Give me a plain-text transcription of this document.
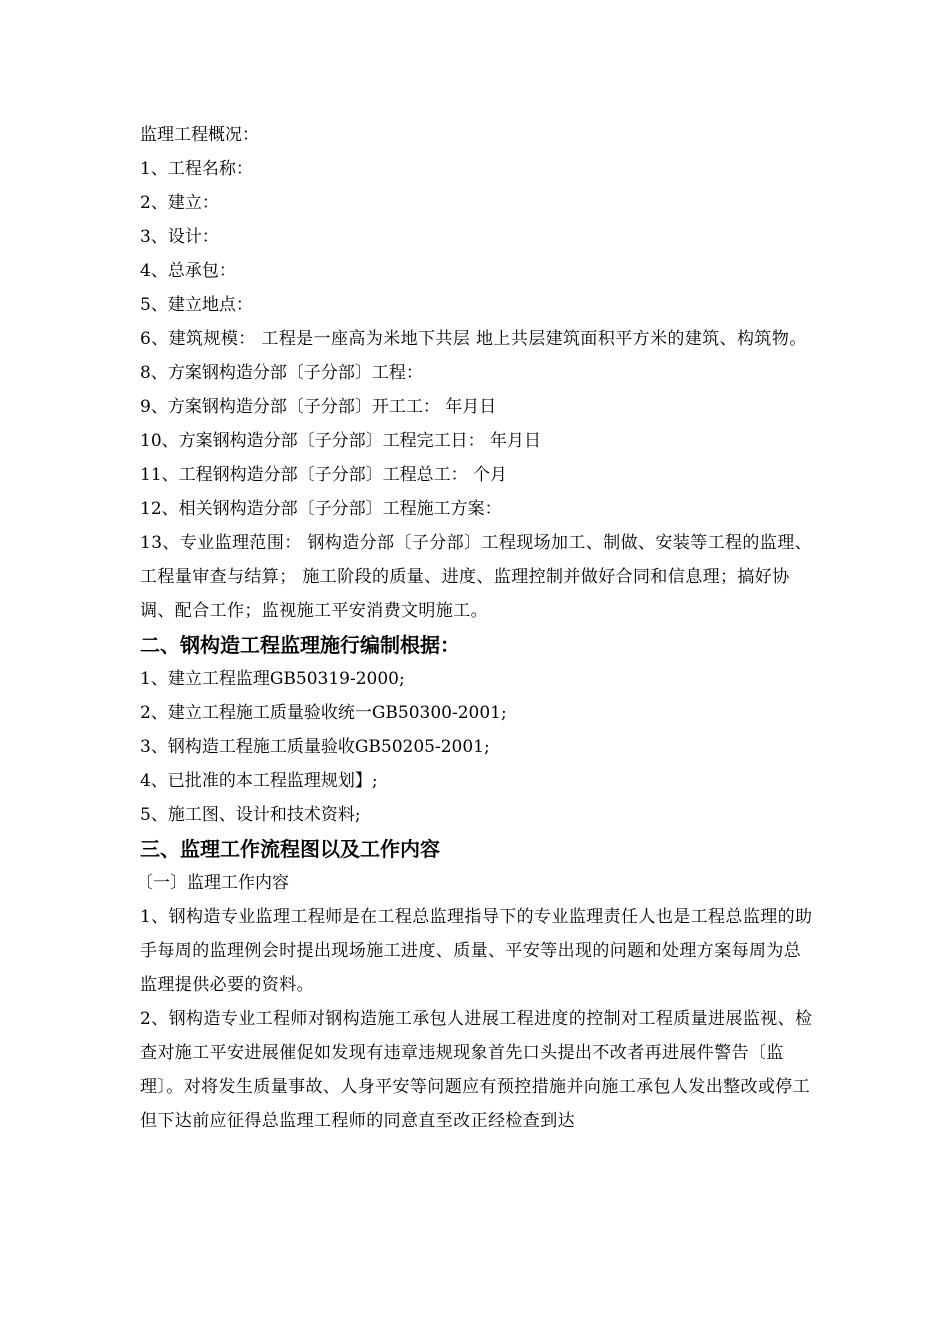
监理工程概况：
1、工程名称：
2、建立：
3、设计：
4、总承包：
5、建立地点：
6、建筑规模： 工程是一座高为米地下共层 地上共层建筑面积平方米的建筑、构筑物。
8、方案钢构造分部〔子分部〕工程：
9、方案钢构造分部〔子分部〕开工工： 年月日
10、方案钢构造分部〔子分部〕工程完工日： 年月日
11、工程钢构造分部〔子分部〕工程总工： 个月
12、相关钢构造分部〔子分部〕工程施工方案：
13、专业监理范围： 钢构造分部〔子分部〕工程现场加工、制做、安装等工程的监理、工程量审查与结算； 施工阶段的质量、进度、监理控制并做好合同和信息理；搞好协调、配合工作；监视施工平安消费文明施工。
二、钢构造工程监理施行编制根据：
1、建立工程监理GB50319-2000;
2、建立工程施工质量验收统一GB50300-2001;
3、钢构造工程施工质量验收GB50205-2001;
4、已批准的本工程监理规划】;
5、施工图、设计和技术资料;
三、监理工作流程图以及工作内容
〔一〕监理工作内容
1、钢构造专业监理工程师是在工程总监理指导下的专业监理责任人也是工程总监理的助手每周的监理例会时提出现场施工进度、质量、平安等出现的问题和处理方案每周为总监理提供必要的资料。
2、钢构造专业工程师对钢构造施工承包人进展工程进度的控制对工程质量进展监视、检查对施工平安进展催促如发现有违章违规现象首先口头提出不改者再进展件警告〔监理〕。对将发生质量事故、人身平安等问题应有预控措施并向施工承包人发出整改或停工但下达前应征得总监理工程师的同意直至改正经检查到达
